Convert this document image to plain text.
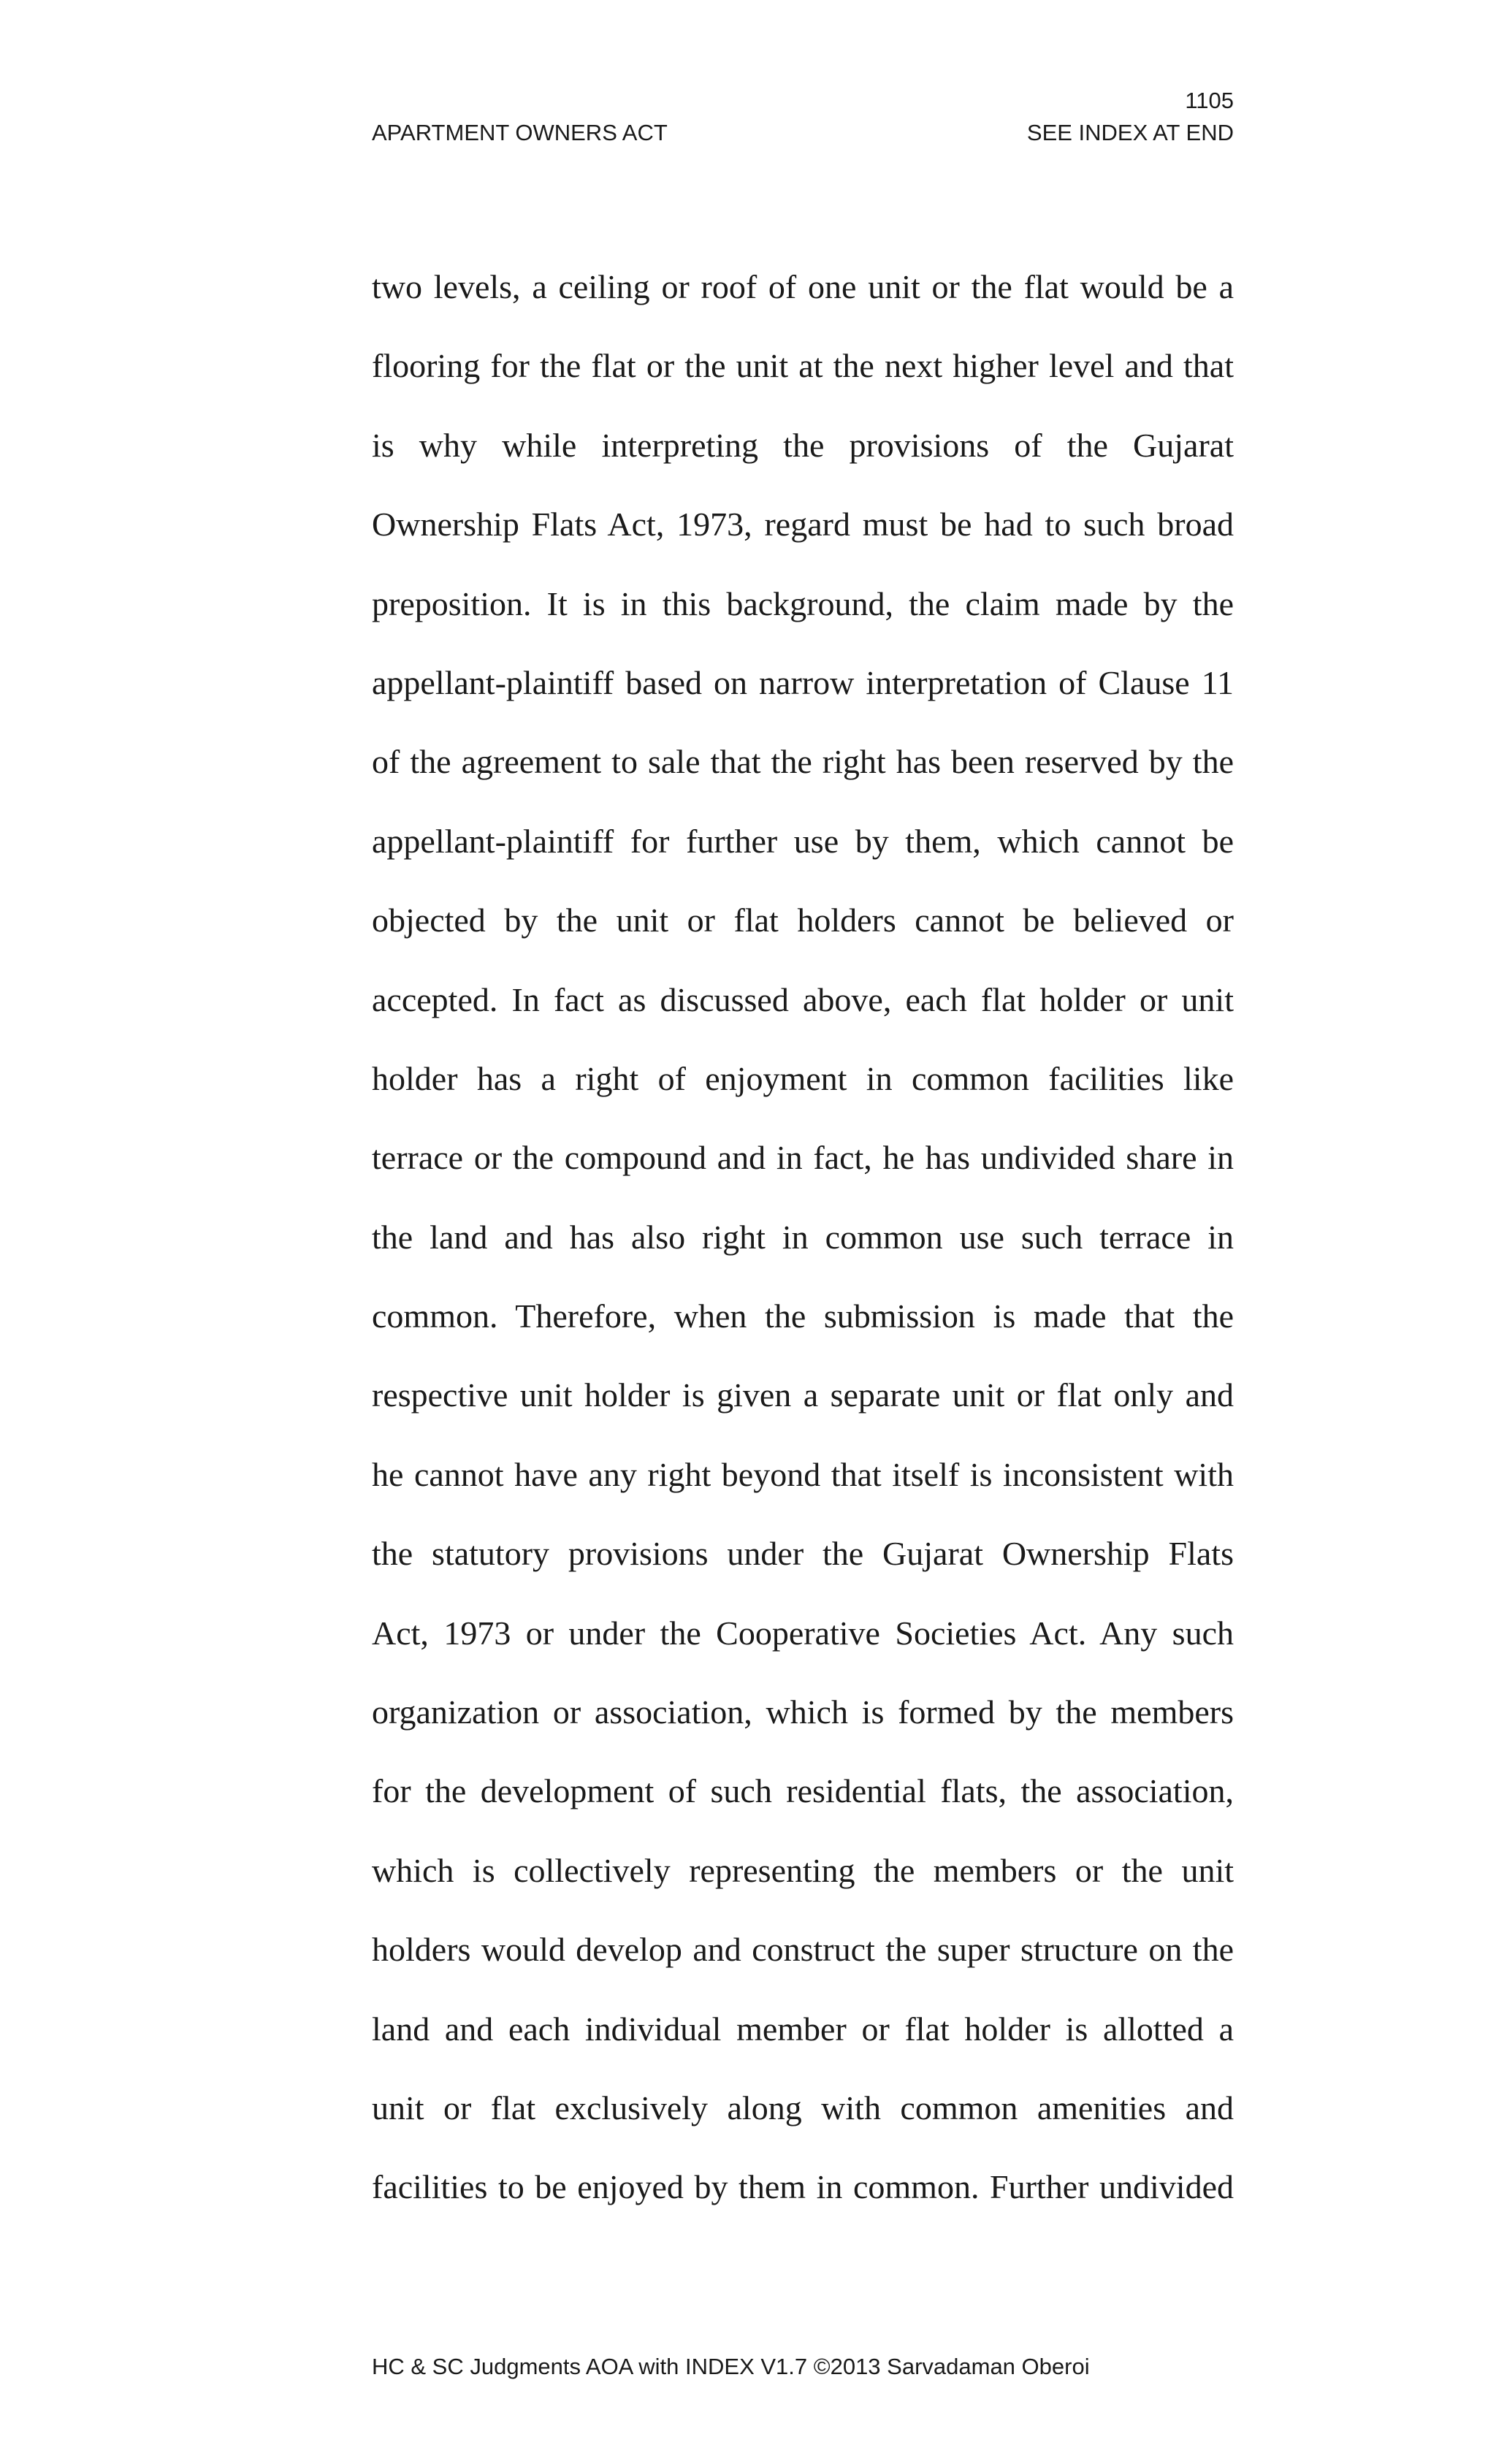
1105
APARTMENT OWNERS ACT	SEE INDEX AT END
two levels, a ceiling or roof of one unit or the flat would be a
flooring for the flat or the unit at the next higher level and that
is why while interpreting the provisions of the Gujarat
Ownership Flats Act, 1973, regard must be had to such broad
preposition. It is in this background, the claim made by the
appellant-plaintiff based on narrow interpretation of Clause 11
of the agreement to sale that the right has been reserved by the
appellant-plaintiff for further use by them, which cannot be
objected by the unit or flat holders cannot be believed or
accepted. In fact as discussed above, each flat holder or unit
holder has a right of enjoyment in common facilities like
terrace or the compound and in fact, he has undivided share in
the land and has also right in common use such terrace in
common. Therefore, when the submission is made that the
respective unit holder is given a separate unit or flat only and
he cannot have any right beyond that itself is inconsistent with
the statutory provisions under the Gujarat Ownership Flats
Act, 1973 or under the Cooperative Societies Act. Any such
organization or association, which is formed by the members
for the development of such residential flats, the association,
which is collectively representing the members or the unit
holders would develop and construct the super structure on the
land and each individual member or flat holder is allotted a
unit or flat exclusively along with common amenities and
facilities to be enjoyed by them in common. Further undivided
HC & SC Judgments AOA with INDEX V1.7 ©2013 Sarvadaman Oberoi
